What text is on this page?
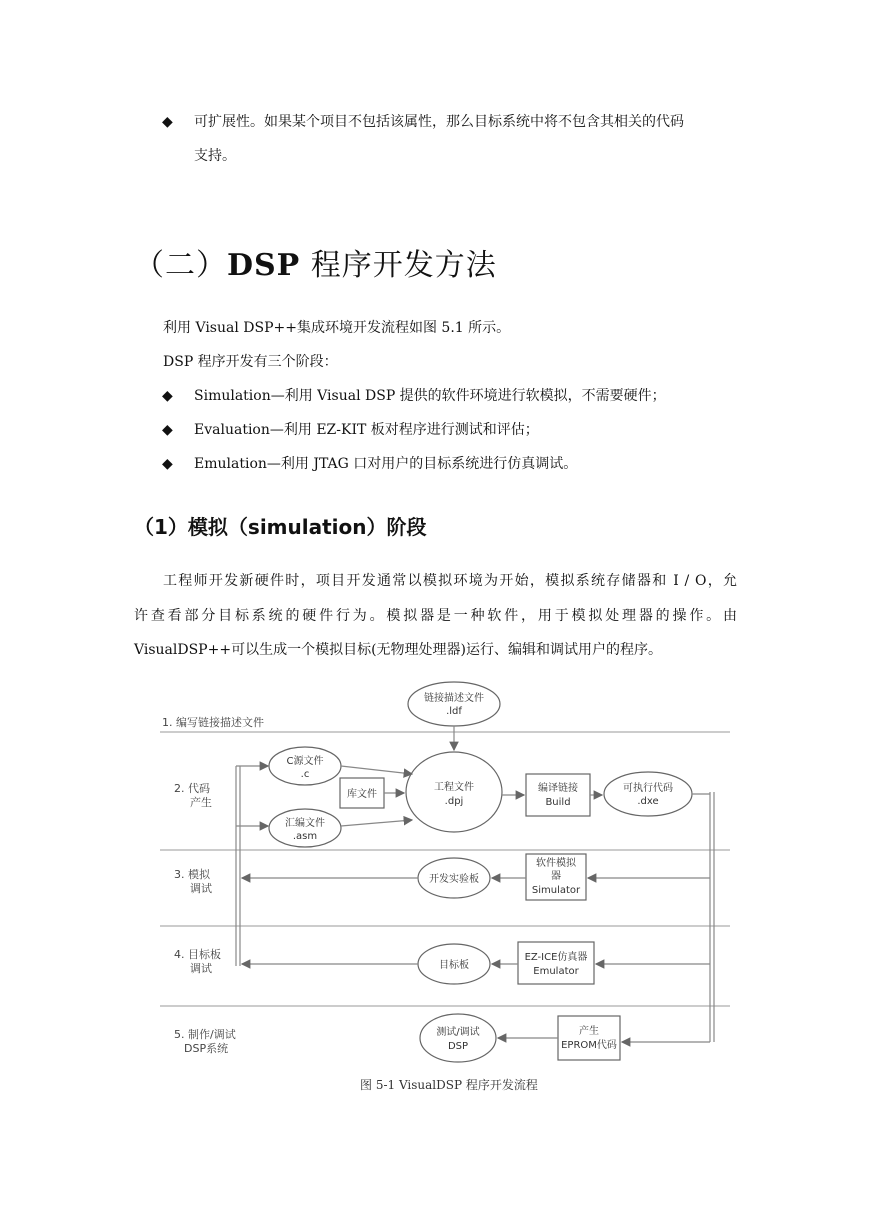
◆ 可扩展性。如果某个项目不包括该属性，那么目标系统中将不包含其相关的代码
支持。
（二）DSP 程序开发方法
利用 Visual DSP++集成环境开发流程如图 5.1 所示。
DSP 程序开发有三个阶段：
◆ Simulation—利用 Visual DSP 提供的软件环境进行软模拟，不需要硬件；
◆ Evaluation—利用 EZ-KIT 板对程序进行测试和评估；
◆ Emulation—利用 JTAG 口对用户的目标系统进行仿真调试。
（1）模拟（simulation）阶段
工程师开发新硬件时，项目开发通常以模拟环境为开始，模拟系统存储器和 I / O，允
许查看部分目标系统的硬件行为。模拟器是一种软件，用于模拟处理器的操作。由
VisualDSP++可以生成一个模拟目标(无物理处理器)运行、编辑和调试用户的程序。
1. 编写链接描述文件
2. 代码
产生
3. 模拟
调试
4. 目标板
调试
5. 制作/调试
DSP系统
链接描述文件
.ldf
C源文件
.c
汇编文件
.asm
库文件
工程文件
.dpj
编译链接
Build
可执行代码
.dxe
开发实验板
软件模拟
器
Simulator
目标板
EZ-ICE仿真器
Emulator
测试/调试
DSP
产生
EPROM代码
图 5-1 VisualDSP 程序开发流程
